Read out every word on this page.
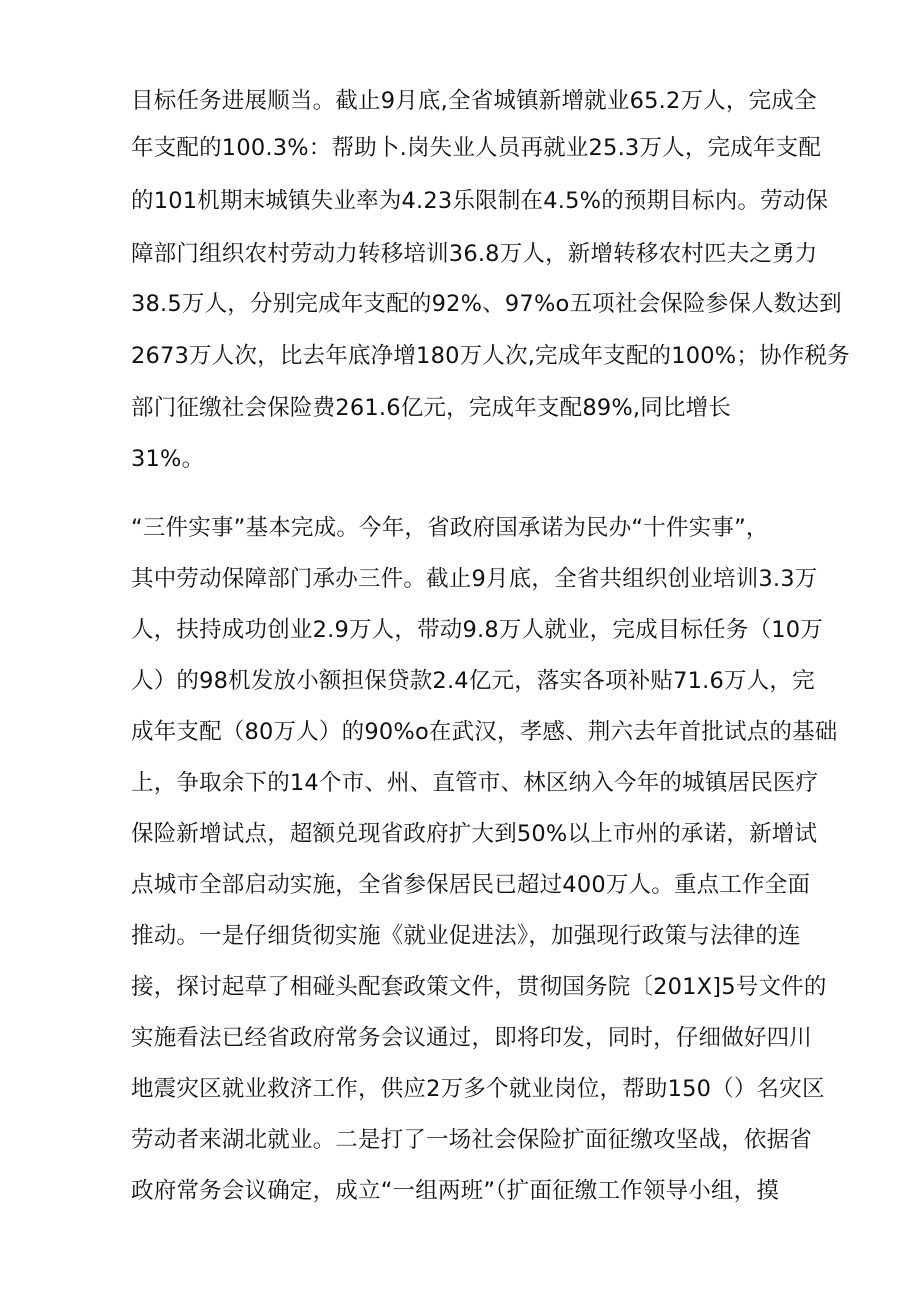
目标任务进展顺当。截止9月底,全省城镇新增就业65.2万人，完成全
年支配的100.3%：帮助卜.岗失业人员再就业25.3万人，完成年支配
的101机期末城镇失业率为4.23乐限制在4.5%的预期目标内。劳动保
障部门组织农村劳动力转移培训36.8万人，新增转移农村匹夫之勇力
38.5万人，分别完成年支配的92%、97%o五项社会保险参保人数达到
2673万人次，比去年底净增180万人次,完成年支配的100%；协作税务
部门征缴社会保险费261.6亿元，完成年支配89%,同比增长
31%。
“三件实事”基本完成。今年，省政府国承诺为民办“十件实事”，
其中劳动保障部门承办三件。截止9月底，全省共组织创业培训3.3万
人，扶持成功创业2.9万人，带动9.8万人就业，完成目标任务（10万
人）的98机发放小额担保贷款2.4亿元，落实各项补贴71.6万人，完
成年支配（80万人）的90%o在武汉，孝感、荆六去年首批试点的基础
上，争取余下的14个市、州、直管市、林区纳入今年的城镇居民医疗
保险新增试点，超额兑现省政府扩大到50%以上市州的承诺，新增试
点城市全部启动实施，全省参保居民已超过400万人。重点工作全面
推动。一是仔细货彻实施《就业促进法》，加强现行政策与法律的连
接，探讨起草了相碰头配套政策文件，贯彻国务院〔201X]5号文件的
实施看法已经省政府常务会议通过，即将印发，同时，仔细做好四川
地震灾区就业救济工作，供应2万多个就业岗位，帮助150（）名灾区
劳动者来湖北就业。二是打了一场社会保险扩面征缴攻坚战，依据省
政府常务会议确定，成立“一组两班”（扩面征缴工作领导小组，摸
